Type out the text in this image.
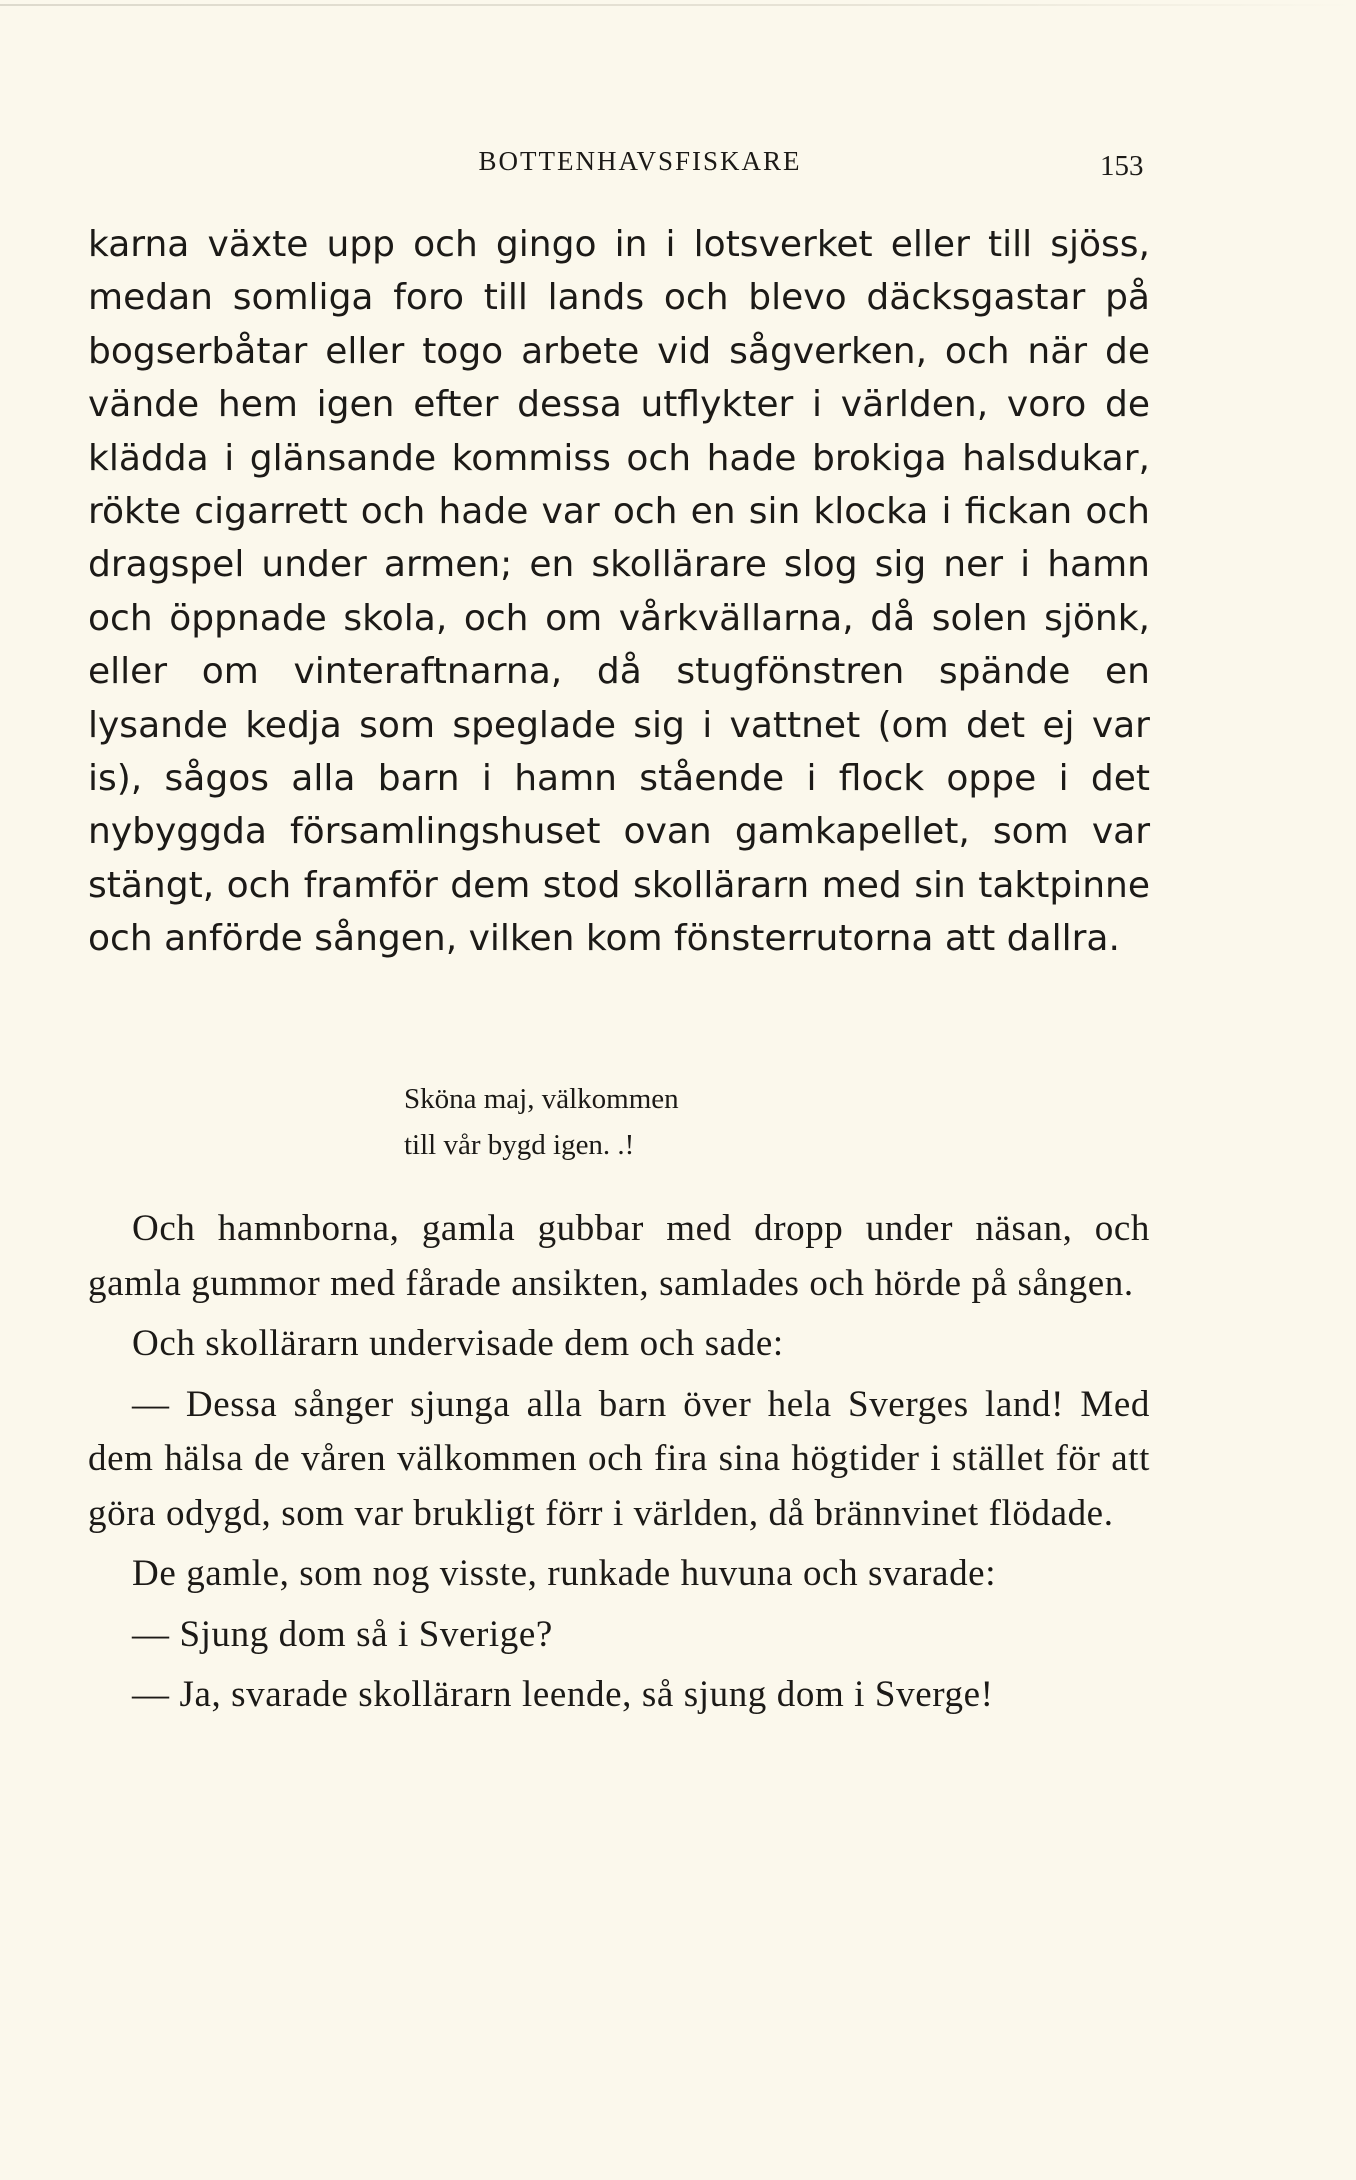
BOTTENHAVSFISKARE	153

karna växte upp och gingo in i lotsverket eller till sjöss, medan somliga foro till lands och blevo däcksgastar på bogserbåtar eller togo arbete vid sågverken, och när de vände hem igen efter dessa utflykter i världen, voro de klädda i glänsande kommiss och hade brokiga halsdukar, rökte cigarrett och hade var och en sin klocka i fickan och dragspel under armen; en skollärare slog sig ner i hamn och öppnade skola, och om vårkvällarna, då solen sjönk, eller om vinteraftnarna, då stugfönstren spände en lysande kedja som speglade sig i vattnet (om det ej var is), sågos alla barn i hamn stående i flock oppe i det nybyggda församlingshuset ovan gamkapellet, som var stängt, och framför dem stod skollärarn med sin taktpinne och anförde sången, vilken kom fönsterrutorna att dallra.

Sköna maj, välkommen
till vår bygd igen. .!

Och hamnborna, gamla gubbar med dropp under näsan, och gamla gummor med fårade ansikten, samlades och hörde på sången.

Och skollärarn undervisade dem och sade:

— Dessa sånger sjunga alla barn över hela Sverges land! Med dem hälsa de våren välkommen och fira sina högtider i stället för att göra odygd, som var brukligt förr i världen, då brännvinet flödade.

De gamle, som nog visste, runkade huvuna och svarade:

— Sjung dom så i Sverige?

— Ja, svarade skollärarn leende, så sjung dom i Sverge!
